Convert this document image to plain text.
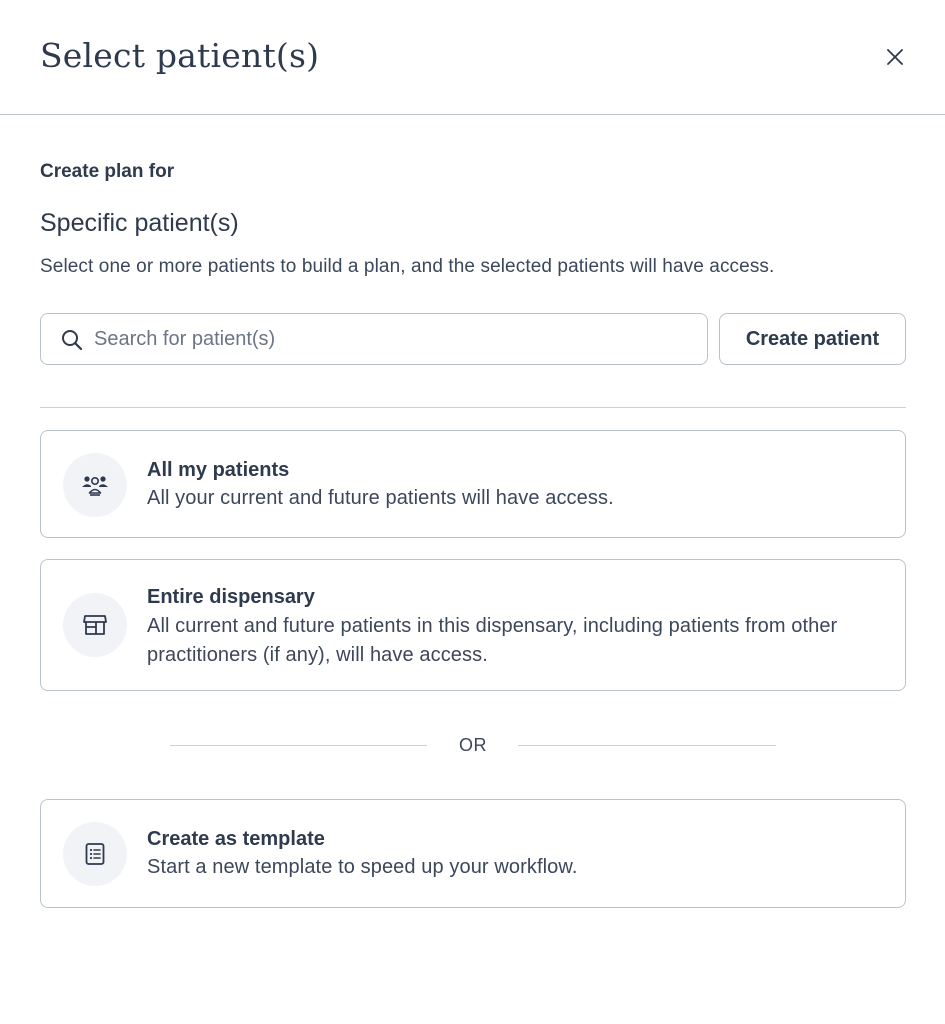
Select patient(s)
Create plan for
Specific patient(s)
Select one or more patients to build a plan, and the selected patients will have access.
Search for patient(s)
Create patient
All my patients
All your current and future patients will have access.
Entire dispensary
All current and future patients in this dispensary, including patients from other practitioners (if any), will have access.
OR
Create as template
Start a new template to speed up your workflow.
